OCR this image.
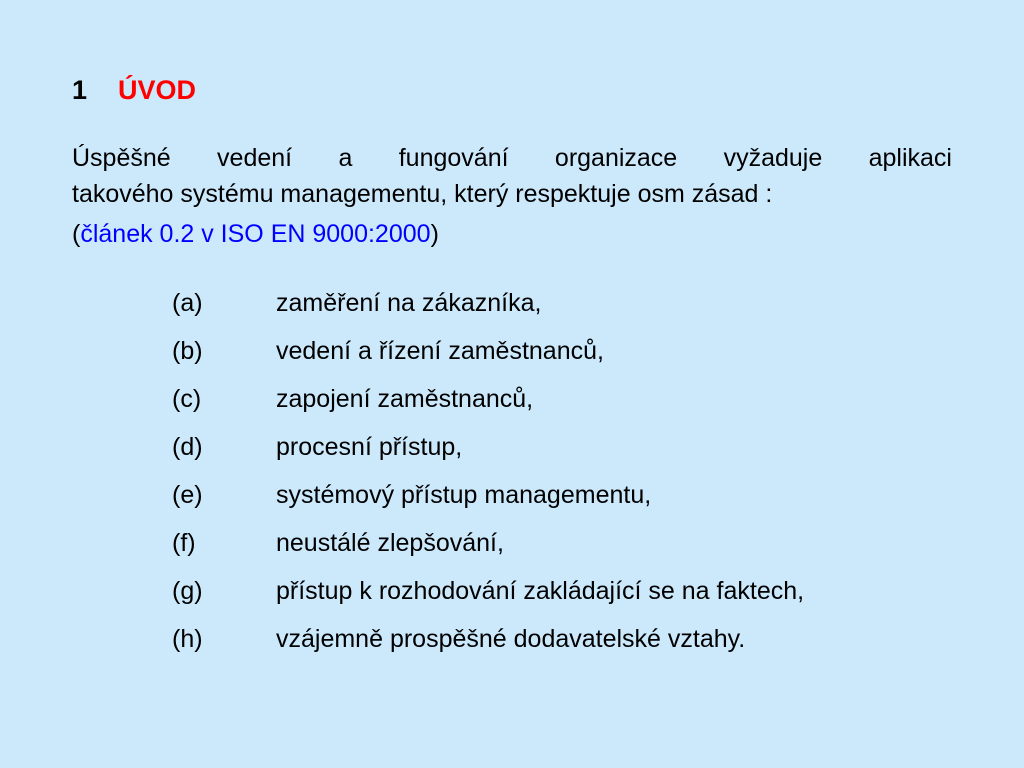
1 ÚVOD
Úspěšné vedení a fungování organizace vyžaduje aplikaci
takového systému managementu, který respektuje osm zásad :
(článek 0.2 v ISO EN 9000:2000)
(a)	zaměření na zákazníka,
(b)	vedení a řízení zaměstnanců,
(c)	zapojení zaměstnanců,
(d)	procesní přístup,
(e)	systémový přístup managementu,
(f)	neustálé zlepšování,
(g)	přístup k rozhodování zakládající se na faktech,
(h)	vzájemně prospěšné dodavatelské vztahy.
